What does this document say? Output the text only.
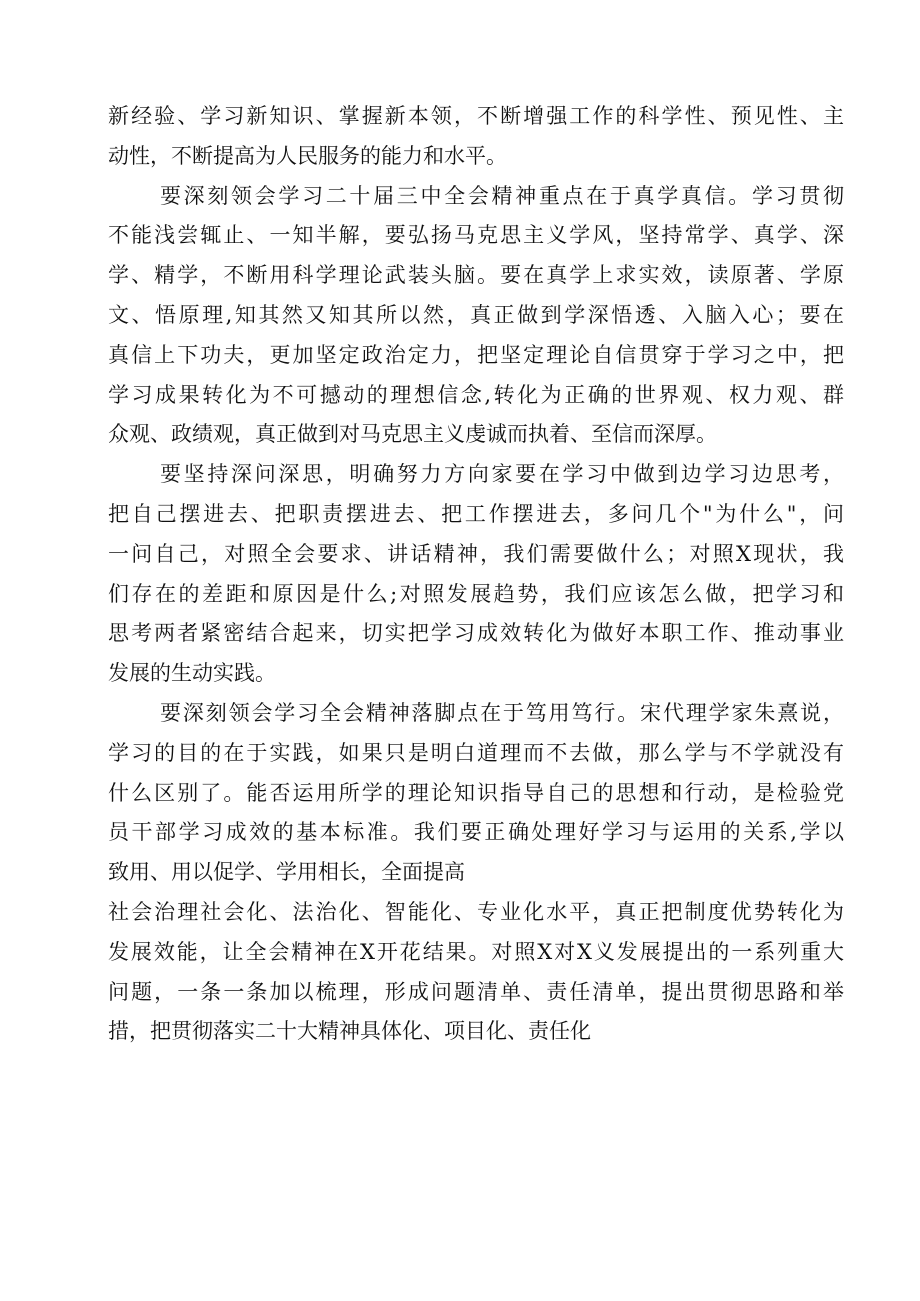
新经验、学习新知识、掌握新本领，不断增强工作的科学性、预见性、主
动性，不断提高为人民服务的能力和水平。
要深刻领会学习二十届三中全会精神重点在于真学真信。学习贯彻
不能浅尝辄止、一知半解，要弘扬马克思主义学风，坚持常学、真学、深
学、精学，不断用科学理论武装头脑。要在真学上求实效，读原著、学原
文、悟原理,知其然又知其所以然，真正做到学深悟透、入脑入心；要在
真信上下功夫，更加坚定政治定力，把坚定理论自信贯穿于学习之中，把
学习成果转化为不可撼动的理想信念,转化为正确的世界观、权力观、群
众观、政绩观，真正做到对马克思主义虔诚而执着、至信而深厚。
要坚持深问深思，明确努力方向家要在学习中做到边学习边思考，
把自己摆进去、把职责摆进去、把工作摆进去，多问几个"为什么"，问
一问自己，对照全会要求、讲话精神，我们需要做什么；对照X现状，我
们存在的差距和原因是什么;对照发展趋势，我们应该怎么做，把学习和
思考两者紧密结合起来，切实把学习成效转化为做好本职工作、推动事业
发展的生动实践。
要深刻领会学习全会精神落脚点在于笃用笃行。宋代理学家朱熹说，
学习的目的在于实践，如果只是明白道理而不去做，那么学与不学就没有
什么区别了。能否运用所学的理论知识指导自己的思想和行动，是检验党
员干部学习成效的基本标准。我们要正确处理好学习与运用的关系,学以
致用、用以促学、学用相长，全面提高
社会治理社会化、法治化、智能化、专业化水平，真正把制度优势转化为
发展效能，让全会精神在X开花结果。对照X对X义发展提出的一系列重大
问题，一条一条加以梳理，形成问题清单、责任清单，提出贯彻思路和举
措，把贯彻落实二十大精神具体化、项目化、责任化
